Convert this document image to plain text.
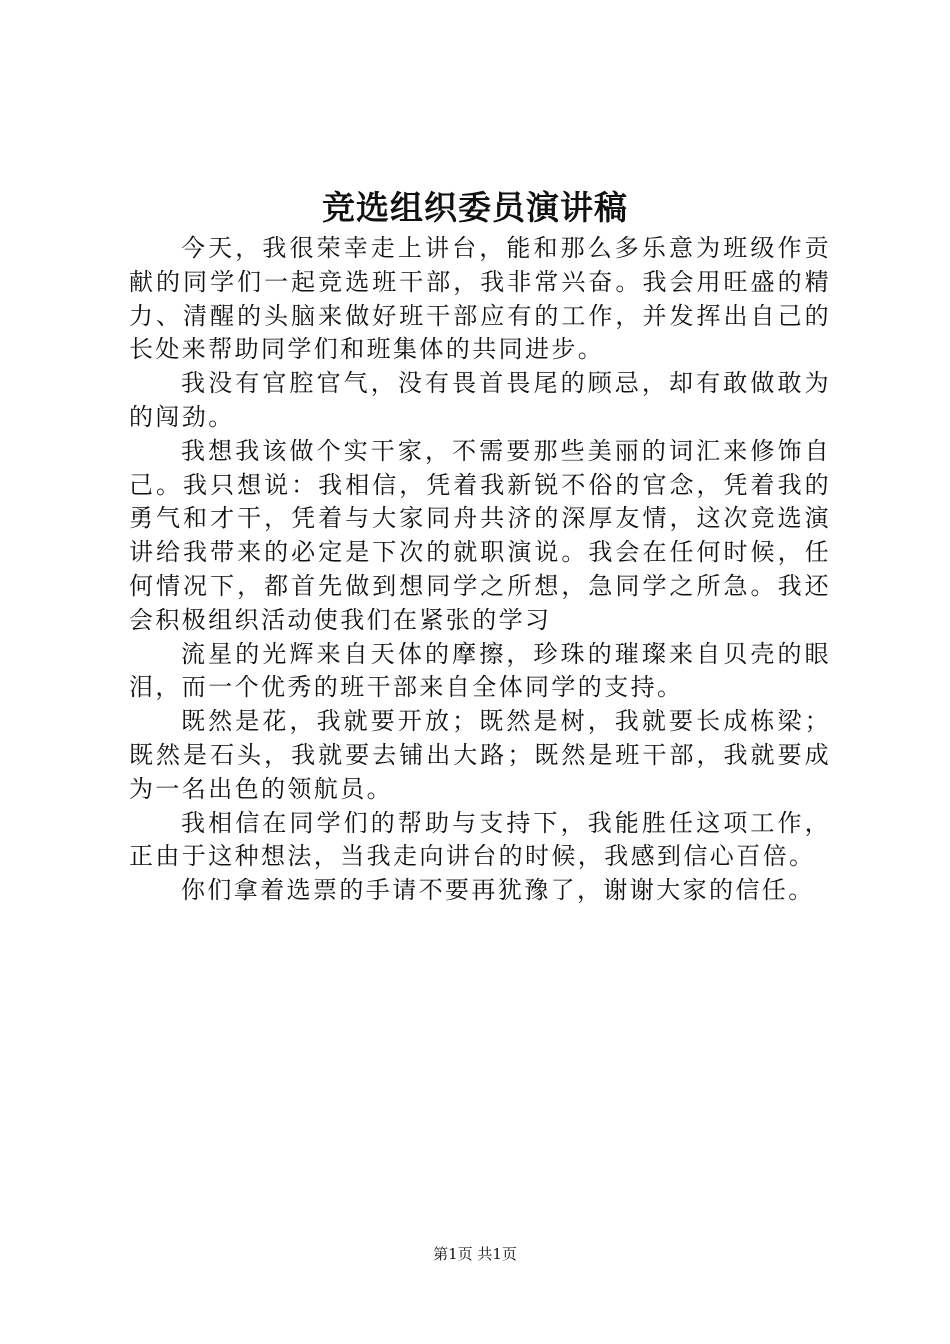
竞选组织委员演讲稿

今天，我很荣幸走上讲台，能和那么多乐意为班级作贡献的同学们一起竞选班干部，我非常兴奋。我会用旺盛的精力、清醒的头脑来做好班干部应有的工作，并发挥出自己的长处来帮助同学们和班集体的共同进步。

我没有官腔官气，没有畏首畏尾的顾忌，却有敢做敢为的闯劲。

我想我该做个实干家，不需要那些美丽的词汇来修饰自己。我只想说：我相信，凭着我新锐不俗的官念，凭着我的勇气和才干，凭着与大家同舟共济的深厚友情，这次竞选演讲给我带来的必定是下次的就职演说。我会在任何时候，任何情况下，都首先做到想同学之所想，急同学之所急。我还会积极组织活动使我们在紧张的学习

流星的光辉来自天体的摩擦，珍珠的璀璨来自贝壳的眼泪，而一个优秀的班干部来自全体同学的支持。

既然是花，我就要开放；既然是树，我就要长成栋梁；既然是石头，我就要去铺出大路；既然是班干部，我就要成为一名出色的领航员。

我相信在同学们的帮助与支持下，我能胜任这项工作，正由于这种想法，当我走向讲台的时候，我感到信心百倍。

你们拿着选票的手请不要再犹豫了，谢谢大家的信任。

第1页 共1页
